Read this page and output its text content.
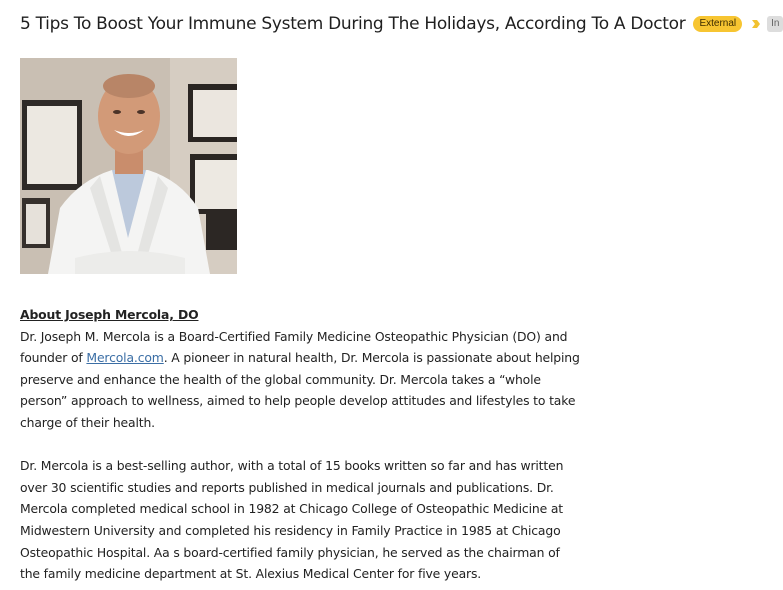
5 Tips To Boost Your Immune System During The Holidays, According To A Doctor	External	In

About Joseph Mercola, DO

Dr. Joseph M. Mercola is a Board-Certified Family Medicine Osteopathic Physician (DO) and founder of Mercola.com. A pioneer in natural health, Dr. Mercola is passionate about helping preserve and enhance the health of the global community. Dr. Mercola takes a “whole person” approach to wellness, aimed to help people develop attitudes and lifestyles to take charge of their health.

Dr. Mercola is a best-selling author, with a total of 15 books written so far and has written over 30 scientific studies and reports published in medical journals and publications. Dr. Mercola completed medical school in 1982 at Chicago College of Osteopathic Medicine at Midwestern University and completed his residency in Family Practice in 1985 at Chicago Osteopathic Hospital. Aa s board-certified family physician, he served as the chairman of the family medicine department at St. Alexius Medical Center for five years.
